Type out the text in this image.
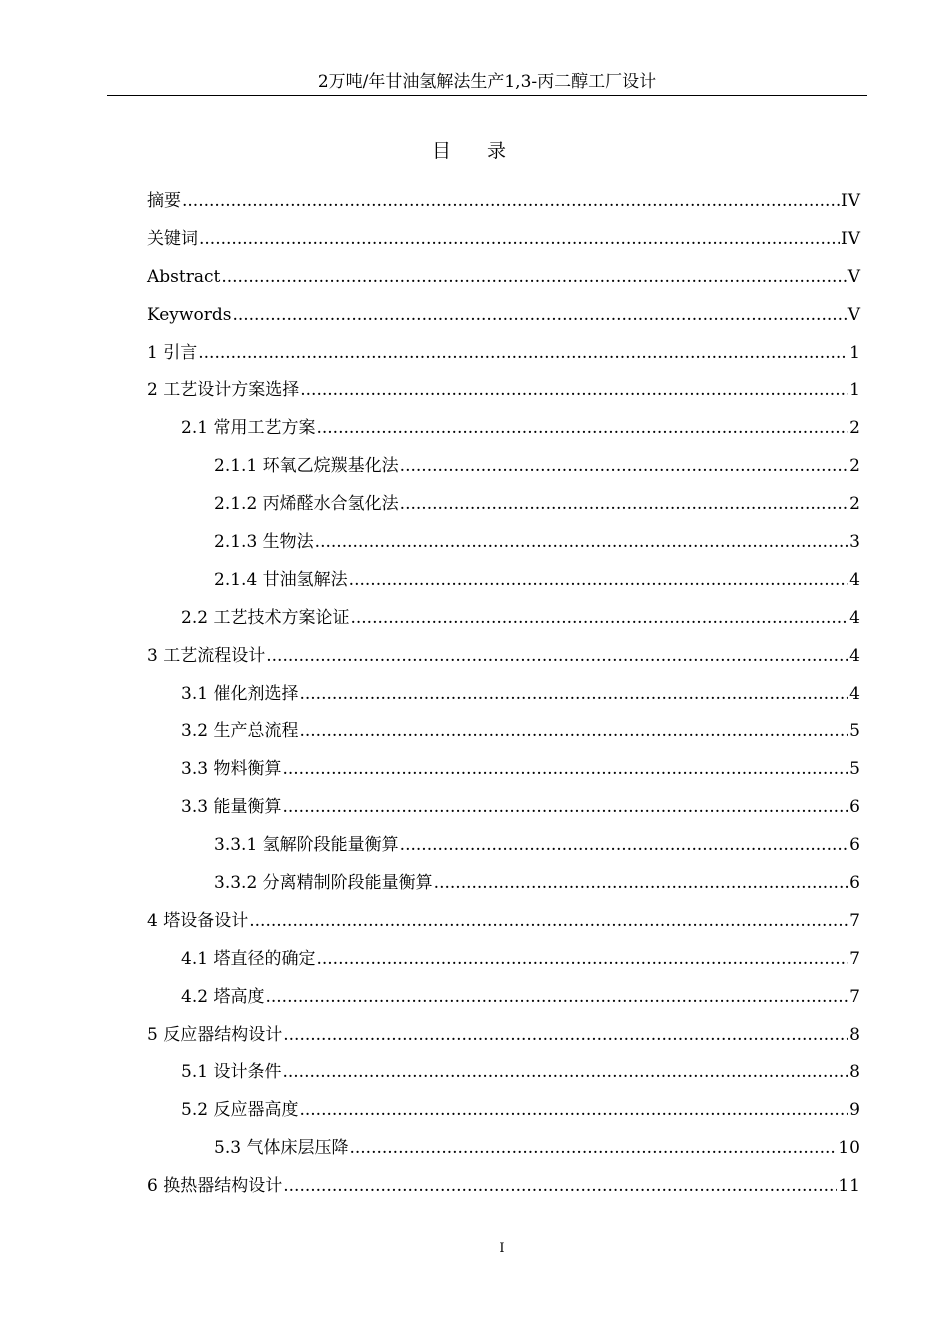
2万吨/年甘油氢解法生产1,3-丙二醇工厂设计
目录
摘要 .....	IV
关键词 .....	IV
Abstract .....	V
Keywords .....	V
1 引言 .....	1
2 工艺设计方案选择 .....	1
2.1 常用工艺方案 .....	2
2.1.1 环氧乙烷羰基化法 .....	2
2.1.2 丙烯醛水合氢化法 .....	2
2.1.3 生物法 .....	3
2.1.4 甘油氢解法 .....	4
2.2 工艺技术方案论证 .....	4
3 工艺流程设计 .....	4
3.1 催化剂选择 .....	4
3.2 生产总流程 .....	5
3.3 物料衡算 .....	5
3.3 能量衡算 .....	6
3.3.1 氢解阶段能量衡算 .....	6
3.3.2 分离精制阶段能量衡算 .....	6
4 塔设备设计 .....	7
4.1 塔直径的确定 .....	7
4.2 塔高度 .....	7
5 反应器结构设计 .....	8
5.1 设计条件 .....	8
5.2 反应器高度 .....	9
5.3 气体床层压降 .....	10
6 换热器结构设计 .....	11
I
